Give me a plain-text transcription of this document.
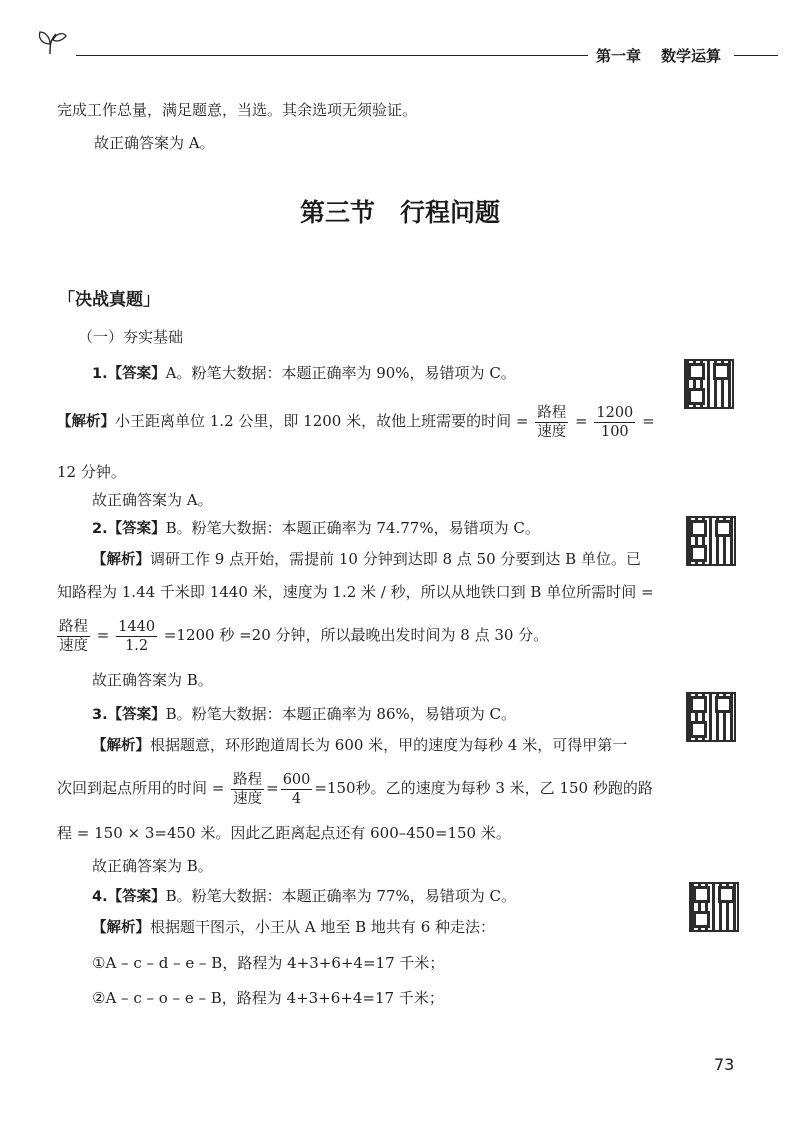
第一章 数学运算
完成工作总量，满足题意，当选。其余选项无须验证。
故正确答案为 A。
第三节　行程问题
「决战真题」
（一）夯实基础
1.【答案】A。粉笔大数据：本题正确率为 90%，易错项为 C。
【解析】小王距离单位 1.2 公里，即 1200 米，故他上班需要的时间 = $\frac{\text{路程}}{\text{速度}} = \frac{1200}{100}$ =
12 分钟。
故正确答案为 A。
2.【答案】B。粉笔大数据：本题正确率为 74.77%，易错项为 C。
【解析】调研工作 9 点开始，需提前 10 分钟到达即 8 点 50 分要到达 B 单位。已
知路程为 1.44 千米即 1440 米，速度为 1.2 米 / 秒，所以从地铁口到 B 单位所需时间 =
$\frac{\text{路程}}{\text{速度}} = \frac{1440}{1.2} =1200$ 秒 =20 分钟，所以最晚出发时间为 8 点 30 分。
故正确答案为 B。
3.【答案】B。粉笔大数据：本题正确率为 86%，易错项为 C。
【解析】根据题意，环形跑道周长为 600 米，甲的速度为每秒 4 米，可得甲第一
次回到起点所用的时间 = $\frac{\text{路程}}{\text{速度}} = \frac{600}{4} =150$秒。乙的速度为每秒 3 米，乙 150 秒跑的路
程 = 150 × 3=450 米。因此乙距离起点还有 600–450=150 米。
故正确答案为 B。
4.【答案】B。粉笔大数据：本题正确率为 77%，易错项为 C。
【解析】根据题干图示，小王从 A 地至 B 地共有 6 种走法：
①A – c – d – e – B，路程为 4+3+6+4=17 千米；
②A – c – o – e – B，路程为 4+3+6+4=17 千米；
73
